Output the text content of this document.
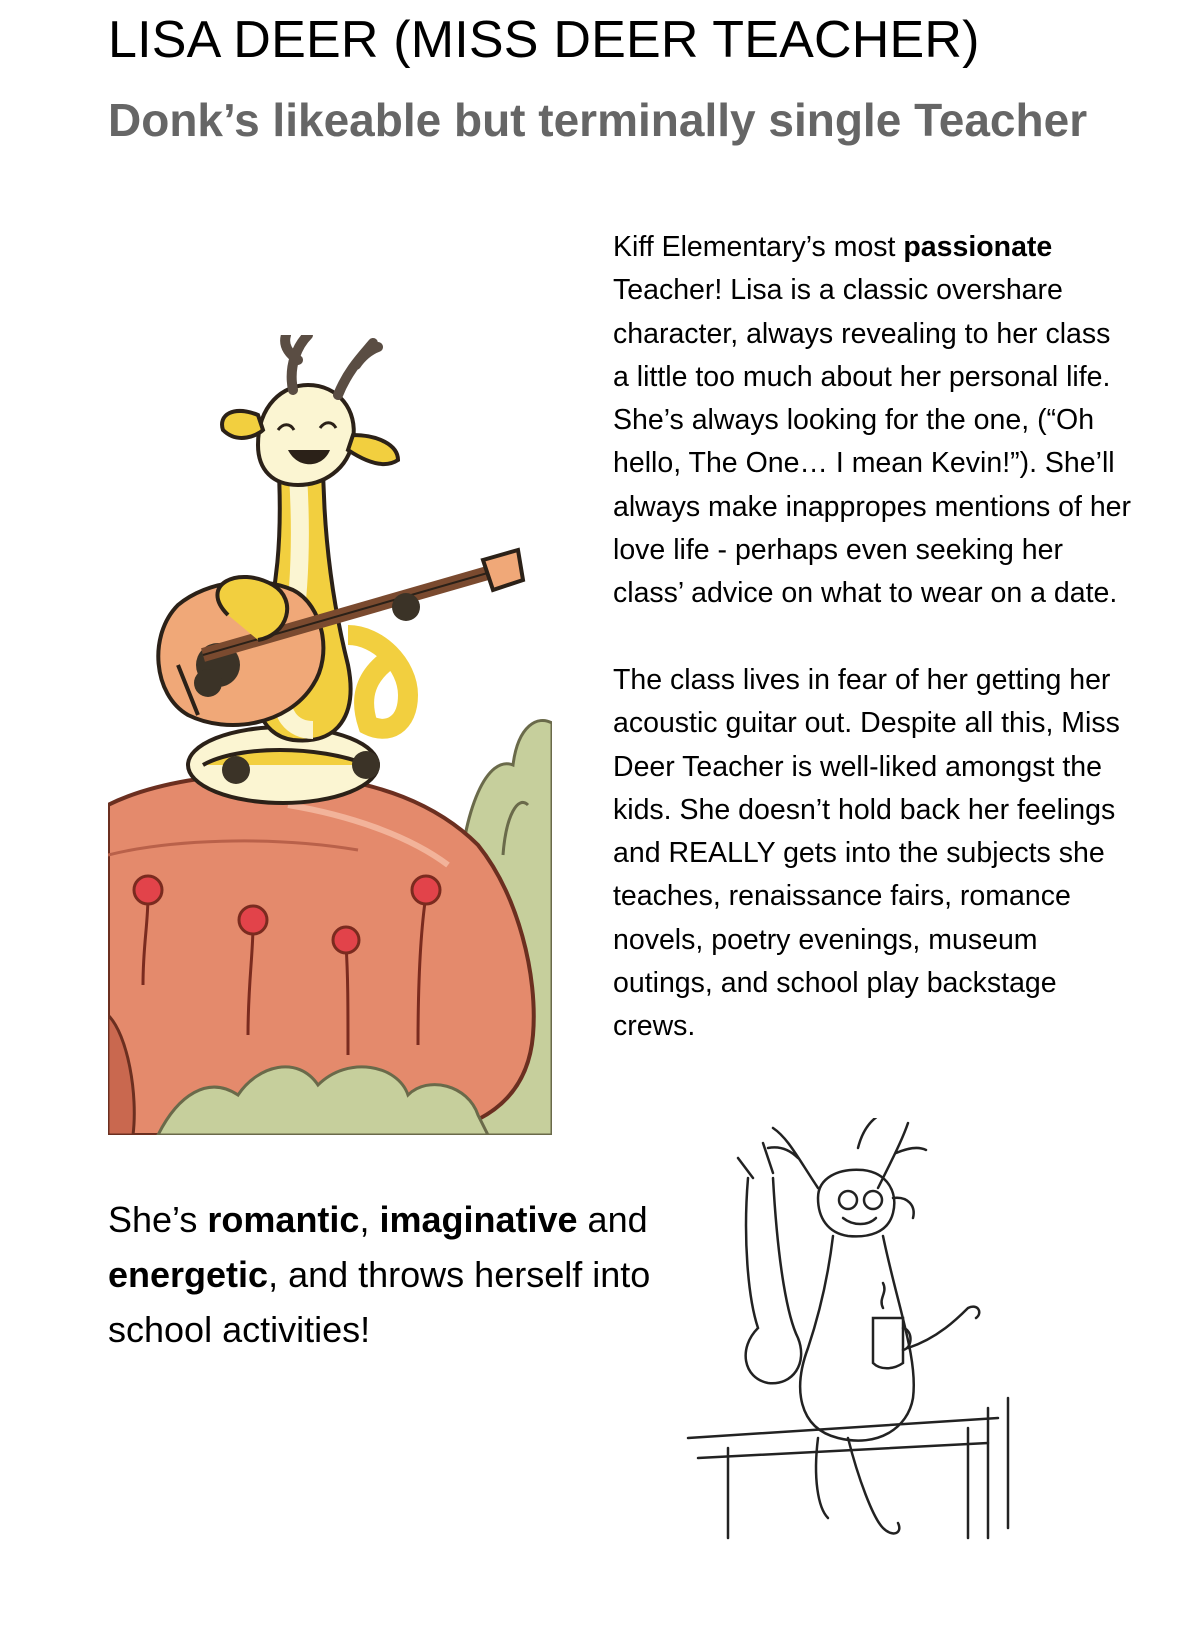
LISA DEER (MISS DEER TEACHER)
Donk’s likeable but terminally single Teacher

Kiff Elementary’s most passionate Teacher! Lisa is a classic overshare character, always revealing to her class a little too much about her personal life. She’s always looking for the one, (“Oh hello, The One… I mean Kevin!”). She’ll always make inappropes mentions of her love life - perhaps even seeking her class’ advice on what to wear on a date.

The class lives in fear of her getting her acoustic guitar out. Despite all this, Miss Deer Teacher is well-liked amongst the kids. She doesn’t hold back her feelings and REALLY gets into the subjects she teaches, renaissance fairs, romance novels, poetry evenings, museum outings, and school play backstage crews.

She’s romantic, imaginative and energetic, and throws herself into school activities!
